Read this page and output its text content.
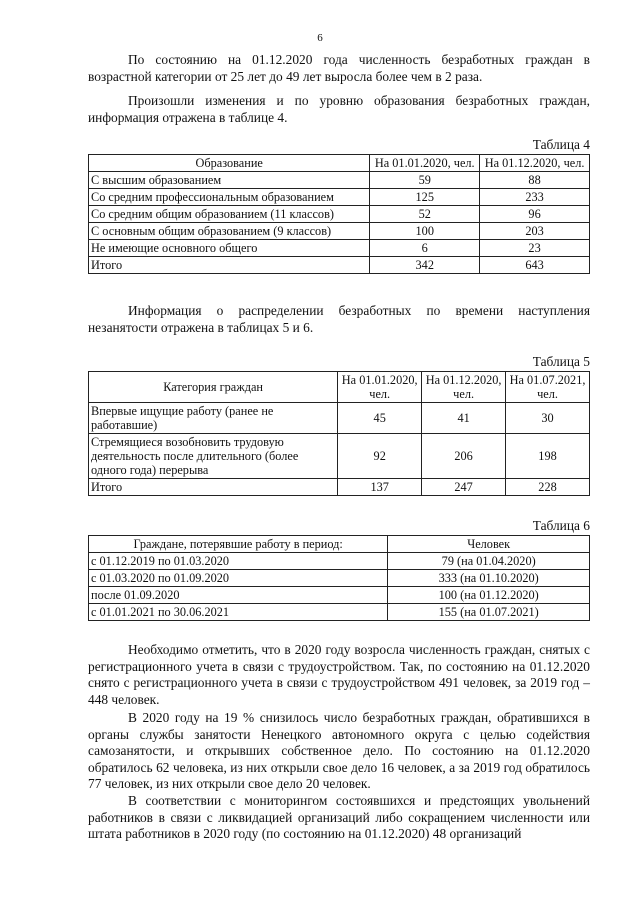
6

По состоянию на 01.12.2020 года численность безработных граждан в возрастной категории от 25 лет до 49 лет выросла более чем в 2 раза.

Произошли изменения и по уровню образования безработных граждан, информация отражена в таблице 4.

Таблица 4
Образование	На 01.01.2020, чел.	На 01.12.2020, чел.
С высшим образованием	59	88
Со средним профессиональным образованием	125	233
Со средним общим образованием (11 классов)	52	96
С основным общим образованием (9 классов)	100	203
Не имеющие основного общего	6	23
Итого	342	643

Информация о распределении безработных по времени наступления незанятости отражена в таблицах 5 и 6.

Таблица 5
Категория граждан	На 01.01.2020, чел.	На 01.12.2020, чел.	На 01.07.2021, чел.
Впервые ищущие работу (ранее не работавшие)	45	41	30
Стремящиеся возобновить трудовую деятельность после длительного (более одного года) перерыва	92	206	198
Итого	137	247	228
Таблица 6
Граждане, потерявшие работу в период:	Человек
с 01.12.2019 по 01.03.2020	79 (на 01.04.2020)
с 01.03.2020 по 01.09.2020	333 (на 01.10.2020)
после 01.09.2020	100 (на 01.12.2020)
с 01.01.2021 по 30.06.2021	155 (на 01.07.2021)

Необходимо отметить, что в 2020 году возросла численность граждан, снятых с регистрационного учета в связи с трудоустройством. Так, по состоянию на 01.12.2020 снято с регистрационного учета в связи с трудоустройством 491 человек, за 2019 год – 448 человек.

В 2020 году на 19 % снизилось число безработных граждан, обратившихся в органы службы занятости Ненецкого автономного округа с целью содействия самозанятости, и открывших собственное дело. По состоянию на 01.12.2020 обратилось 62 человека, из них открыли свое дело 16 человек, а за 2019 год обратилось 77 человек, из них открыли свое дело 20 человек.

В соответствии с мониторингом состоявшихся и предстоящих увольнений работников в связи с ликвидацией организаций либо сокращением численности или штата работников в 2020 году (по состоянию на 01.12.2020) 48 организаций
